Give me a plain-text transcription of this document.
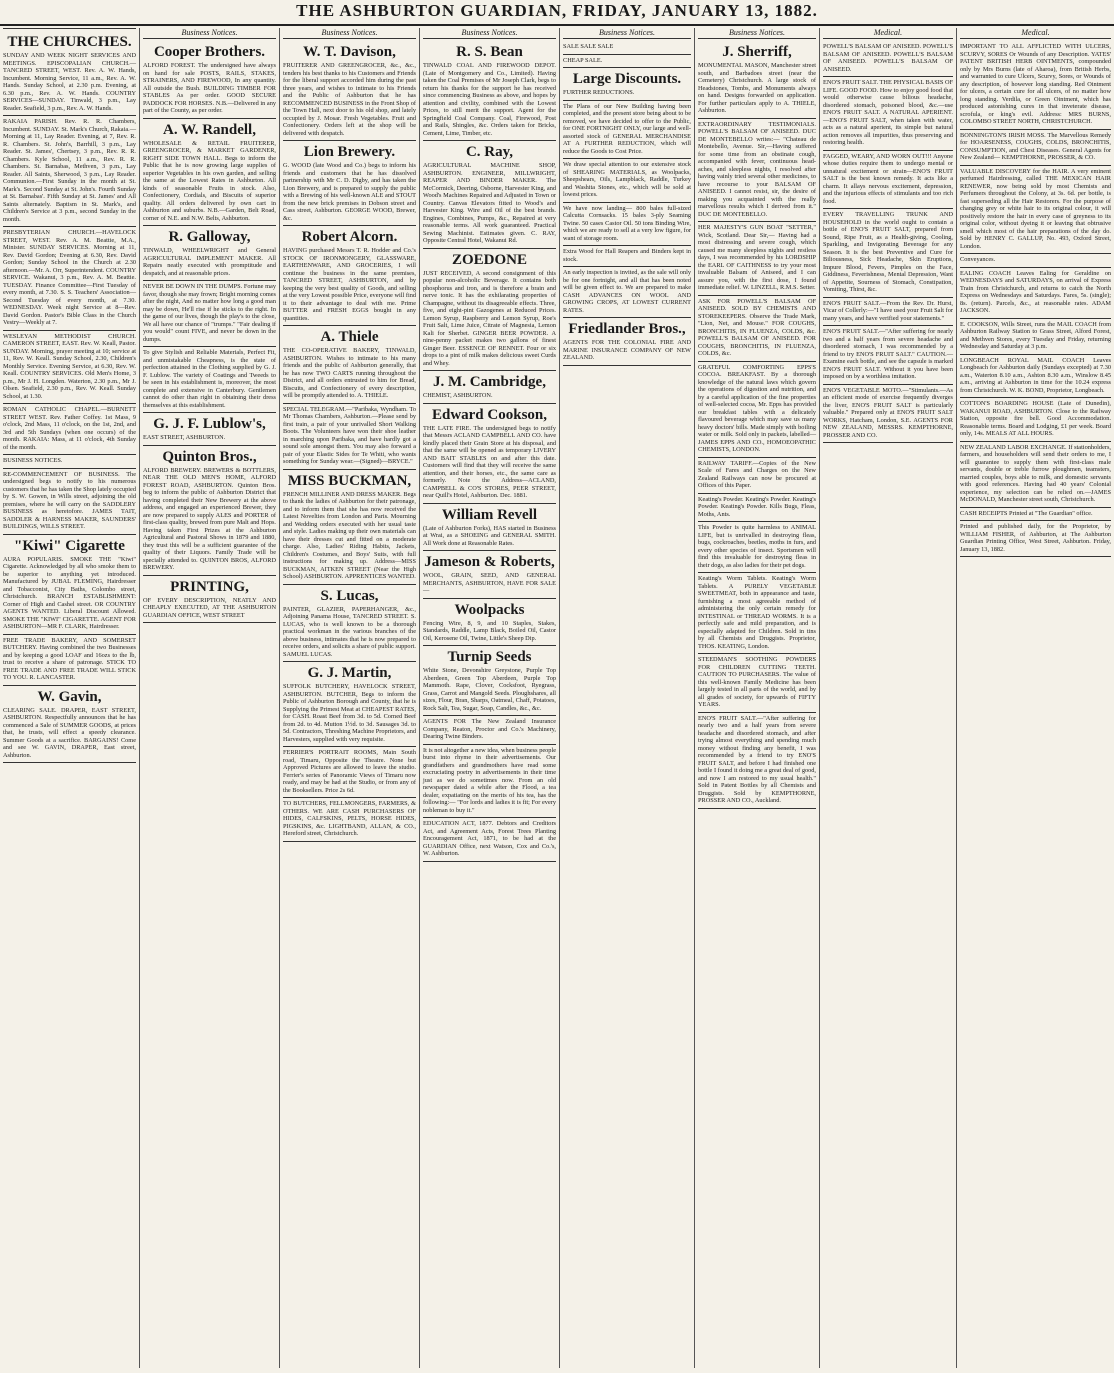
THE ASHBURTON GUARDIAN, FRIDAY, JANUARY 13, 1882.
THE CHURCHES.

SUNDAY AND WEEK NIGHT SERVICES AND MEETINGS. EPISCOPALIAN CHURCH.—TANCRED STREET, WEST. Rev. A. W. Hands, Incumbent. Morning Service, 11 a.m., Rev. A. W. Hands. Sunday School, at 2.30 p.m. Evening, at 6.30 p.m., Rev. A. W. Hands. COUNTRY SERVICES—SUNDAY. Tinwald, 3 p.m., Lay Reader. Seafield, 3 p.m., Rev. A. W. Hands.

RAKAIA PARISH. Rev. R. R. Chambers, Incumbent. SUNDAY. St. Mark's Church, Rakaia.—Morning at 11, Lay Reader. Evening, at 7, Rev. R. R. Chambers. St. John's, Barrhill, 3 p.m., Lay Reader. St. James', Chertsey, 3 p.m., Rev. R. R. Chambers. Kyle School, 11 a.m., Rev. R. R. Chambers. St. Barnabas, Methven, 3 p.m., Lay Reader. All Saints, Sherwood, 3 p.m., Lay Reader. Communion.—First Sunday in the month at St. Mark's. Second Sunday at St. John's. Fourth Sunday at St. Barnabas'. Fifth Sunday at St. James' and All Saints alternately. Baptism in St. Mark's, and Children's Service at 3 p.m., second Sunday in the month.

PRESBYTERIAN CHURCH.—HAVELOCK STREET, WEST. Rev. A. M. Beattie, M.A., Minister. SUNDAY SERVICES. Morning at 11, Rev. David Gordon; Evening at 6.30, Rev. David Gordon; Sunday School in the Church at 2.30 afternoon.—Mr. A. Orr, Superintendent. COUNTRY SERVICE. Wakanui, 3 p.m., Rev. A. M. Beattie. TUESDAY. Finance Committee—First Tuesday of every month, at 7.30. S. S. Teachers' Association—Second Tuesday of every month, at 7.30. WEDNESDAY. Week night Service at 8—Rev. David Gordon. Pastor's Bible Class in the Church Vestry—Weekly at 7.

WESLEYAN METHODIST CHURCH. CAMERON STREET, EAST. Rev. W. Keall, Pastor. SUNDAY. Morning, prayer meeting at 10; service at 11, Rev. W. Keall. Sunday School, 2.30, Children's Monthly Service. Evening Service, at 6.30, Rev. W. Keall. COUNTRY SERVICES. Old Men's Home, 3 p.m., Mr J. H. Longden. Waterton, 2.30 p.m., Mr J. Olsen. Seafield, 2.30 p.m., Rev. W. Keall. Sunday School, at 1.30.

ROMAN CATHOLIC CHAPEL.—BURNETT STREET WEST. Rev. Father Coffey. 1st Mass, 9 o'clock, 2nd Mass, 11 o'clock, on the 1st, 2nd, and 3rd and 5th Sundays (when one occurs) of the month. RAKAIA: Mass, at 11 o'clock, 4th Sunday of the month.

BUSINESS NOTICES.

RE-COMMENCEMENT OF BUSINESS. The undersigned begs to notify to his numerous customers that he has taken the Shop lately occupied by S. W. Gowen, in Wills street, adjoining the old premises, where he will carry on the SADDLERY BUSINESS as heretofore. JAMES TAIT, SADDLER & HARNESS MAKER, SAUNDERS' BUILDINGS, WILLS STREET.

"Kiwi" Cigarette

AURA POPULARIS. SMOKE THE "Kiwi" Cigarette. Acknowledged by all who smoke them to be superior to anything yet introduced. Manufactured by JUBAL FLEMING, Hairdresser and Tobacconist, City Baths, Colombo street, Christchurch. BRANCH ESTABLISHMENT: Corner of High and Cashel street. OR COUNTRY AGENTS WANTED. Liberal Discount Allowed. SMOKE THE "KIWI" CIGARETTE. AGENT FOR ASHBURTON—MR F. CLARK, Hairdresser.

FREE TRADE BAKERY, AND SOMERSET BUTCHERY. Having combined the two Businesses and by keeping a good LOAF and 16ozs to the lb, trust to receive a share of patronage. STICK TO FREE TRADE AND FREE TRADE WILL STICK TO YOU. R. LANCASTER.

W. Gavin,

CLEARING SALE. DRAPER, EAST STREET, ASHBURTON. Respectfully announces that he has commenced a Sale of SUMMER GOODS, at prices that, he trusts, will effect a speedy clearance. Summer Goods at a sacrifice. BARGAINS! Come and see W. GAVIN, DRAPER, East street, Ashburton.

Business Notices.
Cooper Brothers.

ALFORD FOREST. The undersigned have always on hand for sale POSTS, RAILS, STAKES, STRAINERS, AND FIREWOOD, In any quantity. All outside the Bush. BUILDING TIMBER FOR STABLES As per order. GOOD SECURE PADDOCK FOR HORSES. N.B.—Delivered in any part of the County, as per order.

A. W. Randell,

WHOLESALE & RETAIL FRUITERER, GREENGROCER, & MARKET GARDENER, RIGHT SIDE TOWN HALL. Begs to inform the Public that he is now growing large supplies of superior Vegetables in his own garden, and selling the same at the Lowest Rates in Ashburton. All kinds of seasonable Fruits in stock. Also, Confectionery, Cordials, and Biscuits of superior quality. All orders delivered by own cart in Ashburton and suburbs. N.B.—Garden, Belt Road, corner of N.E. and N.W. Belts, Ashburton.

R. Galloway,

TINWALD, WHEELWRIGHT and General AGRICULTURAL IMPLEMENT MAKER. All Repairs neatly executed with promptitude and despatch, and at reasonable prices.

NEVER BE DOWN IN THE DUMPS. Fortune may favor, though she may frown; Bright morning comes after the night, And no matter how long a good man may be down, He'll rise if he sticks to the right. In the game of our lives, though the play's to the close, We all have our chance of "trumps." "Fair dealing if you would" count FIVE, and never be down in the dumps.

To give Stylish and Reliable Materials, Perfect Fit, and unmistakable Cheapness, is the state of perfection attained in the Clothing supplied by G. J. F. Lublow. The variety of Coatings and Tweeds to be seen in his establishment is, moreover, the most complete and extensive in Canterbury. Gentlemen cannot do other than right in obtaining their dress themselves at this establishment.

G. J. F. Lublow's,

EAST STREET, ASHBURTON.

Quinton Bros.,

ALFORD BREWERY. BREWERS & BOTTLERS, NEAR THE OLD MEN'S HOME, ALFORD FOREST ROAD, ASHBURTON. Quinton Bros. beg to inform the public of Ashburton District that having completed their New Brewery at the above address, and engaged an experienced Brewer, they are now prepared to supply ALES and PORTER of first-class quality, brewed from pure Malt and Hops. Having taken First Prizes at the Ashburton Agricultural and Pastoral Shows in 1879 and 1880, they trust this will be a sufficient guarantee of the quality of their Liquors. Family Trade will be specially attended to. QUINTON BROS, ALFORD BREWERY.

PRINTING,

OF EVERY DESCRIPTION, NEATLY AND CHEAPLY EXECUTED, AT THE ASHBURTON GUARDIAN OFFICE, WEST STREET

Business Notices.
W. T. Davison,

FRUITERER AND GREENGROCER, &c., &c., tenders his best thanks to his Customers and Friends for the liberal support accorded him during the past three years, and wishes to intimate to his Friends and the Public of Ashburton that he has RECOMMENCED BUSINESS in the Front Shop of the Town Hall, next door to his old shop, and lately occupied by J. Mosar. Fresh Vegetables. Fruit and Confectionery. Orders left at the shop will be delivered with despatch.

Lion Brewery.

G. WOOD (late Wood and Co.) begs to inform his friends and customers that he has dissolved partnership with Mr C. D. Digby, and has taken the Lion Brewery, and is prepared to supply the public with a Brewing of his well-known ALE and STOUT from the new brick premises in Dobson street and Cass street, Ashburton. GEORGE WOOD, Brewer, &c.

Robert Alcorn.

HAVING purchased Messrs T. R. Hodder and Co.'s STOCK OF IRONMONGERY, GLASSWARE, EARTHENWARE, AND GROCERIES, I will continue the business in the same premises, TANCRED STREET, ASHBURTON, and by keeping the very best quality of Goods, and selling at the very Lowest possible Price, everyone will find it to their advantage to deal with me. Prime BUTTER and FRESH EGGS bought in any quantities.

A. Thiele

THE CO-OPERATIVE BAKERY, TINWALD, ASHBURTON. Wishes to intimate to his many friends and the public of Ashburton generally, that he has now TWO CARTS running throughout the District, and all orders entrusted to him for Bread, Biscuits, and Confectionery of every description, will be promptly attended to. A. THIELE.

SPECIAL TELEGRAM.—"Paribaka, Wyndham. To Mr Thomas Chambers, Ashburton.—Please send by first train, a pair of your unrivalled Short Walking Boots. The Volunteers have won their shoe leather in marching upon Paribaka, and have hardly got a sound sole amongst them. You may also forward a pair of your Elastic Sides for Te Whiti, who wants something for Sunday wear.—(Signed)—BRYCE."

MISS BUCKMAN,

FRENCH MILLINER AND DRESS MAKER. Begs to thank the ladies of Ashburton for their patronage, and to inform them that she has now received the Latest Novelties from London and Paris. Mourning and Wedding orders executed with her usual taste and style. Ladies making up their own materials can have their dresses cut and fitted on a moderate charge. Also, Ladies' Riding Habits, Jackets, Children's Costumes, and Boys' Suits, with full instructions for making up. Address—MISS BUCKMAN, AITKEN STREET (Near the High School) ASHBURTON. APPRENTICES WANTED.

S. Lucas,

PAINTER, GLAZIER, PAPERHANGER, &c., Adjoining Panama House, TANCRED STREET. S. LUCAS, who is well known to be a thorough practical workman in the various branches of the above business, intimates that he is now prepared to receive orders, and solicits a share of public support. SAMUEL LUCAS.

G. J. Martin,

SUFFOLK BUTCHERY, HAVELOCK STREET, ASHBURTON. BUTCHER, Begs to inform the Public of Ashburton Borough and County, that he is Supplying the Primest Meat at CHEAPEST RATES, for CASH. Roast Beef from 3d. to 5d. Corned Beef from 2d. to 4d. Mutton 1½d. to 3d. Sausages 3d. to 5d. Contractors, Threshing Machine Proprietors, and Harvesters, supplied with very requisite.

FERRIER'S PORTRAIT ROOMS, Main South road, Timaru, Opposite the Theatre. None but Approved Pictures are allowed to leave the studio. Ferrier's series of Panoramic Views of Timaru now ready, and may be had at the Studio, or from any of the Booksellers. Price 2s 6d.

TO BUTCHERS, FELLMONGERS, FARMERS, & OTHERS. WE ARE CASH PURCHASERS OF HIDES, CALFSKINS, PELTS, HORSE HIDES, PIGSKINS, &c. LIGHTBAND, ALLAN, & CO., Hereford street, Christchurch.

Business Notices.
R. S. Bean

TINWALD COAL AND FIREWOOD DEPOT. (Late of Montgomery and Co., Limited). Having taken the Coal Premises of Mr Joseph Clark, begs to return his thanks for the support he has received since commencing Business as above, and hopes by attention and civility, combined with the Lowest Prices, to still merit the support. Agent for the Springfield Coal Company. Coal, Firewood, Post and Rails, Shingles, &c. Orders taken for Bricks, Cement, Lime, Timber, etc.

C. Ray,

AGRICULTURAL MACHINE SHOP, ASHBURTON. ENGINEER, MILLWRIGHT, REAPER AND BINDER MAKER. The McCormick, Deering, Osborne, Harvester King, and Wood's Machines Repaired and Adjusted in Town or Country. Canvas Elevators fitted to Wood's and Harvester King. Wire and Oil of the best brands. Engines, Combines, Pumps, &c., Repaired at very reasonable terms. All work guaranteed. Practical Sewing Machinist. Estimates given. C. RAY, Opposite Central Hotel, Wakanui Rd.

ZOEDONE

JUST RECEIVED, A second consignment of this popular non-alcoholic Beverage. It contains both phosphorus and iron, and is therefore a brain and nerve tonic. It has the exhilarating properties of Champagne, without its disagreeable effects. Three, five, and eight-pint Gazogenes at Reduced Prices. Lemon Syrup, Raspberry and Lemon Syrup, Roe's Fruit Salt, Lime Juice, Citrate of Magnesia, Lemon Kali for Sherbet. GINGER BEER POWDER. A nine-penny packet makes two gallons of finest Ginger Beer. ESSENCE OF RENNET. Four or six drops to a pint of milk makes delicious sweet Curds and Whey.

J. M. Cambridge,

CHEMIST, ASHBURTON.

Edward Cookson,

THE LATE FIRE. The undersigned begs to notify that Messrs ACLAND CAMPBELL AND CO. have kindly placed their Grain Store at his disposal, and that the same will be opened as temporary LIVERY AND BAIT STABLES on and after this date. Customers will find that they will receive the same attention, and their horses, etc., the same care as formerly. Note the Address—ACLAND, CAMPBELL & CO'S STORES, PEER STREET, near Quill's Hotel, Ashburton. Dec. 1881.

William Revell

(Late of Ashburton Forks), HAS started in Business at Wrai, as a SHOEING and GENERAL SMITH. All Work done at Reasonable Rates.

Jameson & Roberts,

WOOL, GRAIN, SEED, AND GENERAL MERCHANTS, ASHBURTON, HAVE FOR SALE—

Woolpacks

Fencing Wire, 8, 9, and 10 Staples, Stakes, Standards, Raddle, Lamp Black, Boiled Oil, Castor Oil, Kerosene Oil, Twine, Little's Sheep Dip.

Turnip Seeds

White Stone, Devonshire Greystone, Purple Top Aberdeen, Green Top Aberdeen, Purple Top Mammoth. Rape, Clover, Cocksfoot, Ryegrass, Grass, Carrot and Mangold Seeds. Ploughshares, all sizes, Flour, Bran, Sharps, Oatmeal, Chaff, Potatoes, Rock Salt, Tea, Sugar, Soap, Candles, &c., &c.

AGENTS FOR The New Zealand Insurance Company, Reaton, Proctor and Co.'s Machinery, Dearing Twine Binders.

It is not altogether a new idea, when business people burst into rhyme in their advertisements. Our grandfathers and grandmothers have read some excruciating poetry in advertisements in their time just as we do sometimes now. From an old newspaper dated a while after the Flood, a tea dealer, expatiating on the merits of his tea, has the following:— "For lords and ladies it is fit; For every nobleman to buy it."

EDUCATION ACT, 1877. Debtors and Creditors Act, and Agreement Acts, Forest Trees Planting Encouragement Act, 1871, to be had at the GUARDIAN Office, next Watson, Cox and Co.'s, W. Ashburton.

Business Notices.

SALE SALE SALE

CHEAP SALE.

Large Discounts.

FURTHER REDUCTIONS.

The Plans of our New Building having been completed, and the present store being about to be removed, we have decided to offer to the Public, for ONE FORTNIGHT ONLY, our large and well-assorted stock of GENERAL MERCHANDISE AT A FURTHER REDUCTION, which will reduce the Goods to Cost Price.

We draw special attention to our extensive stock of SHEARING MATERIALS, as Woolpacks, Sheepshears, Oils, Lampblack, Raddle, Turkey and Washita Stones, etc., which will be sold at lowest prices.

We have now landing— 800 bales full-sized Calcutta Cornsacks. 15 bales 3-ply Seaming Twine. 50 cases Castor Oil. 50 tons Binding Wire, which we are ready to sell at a very low figure, for want of storage room.

Extra Wood for Hall Reapers and Binders kept in stock.

An early inspection is invited, as the sale will only be for one fortnight, and all that has been noted will be given effect to. We are prepared to make CASH ADVANCES ON WOOL AND GROWING CROPS, AT LOWEST CURRENT RATES.

Friedlander Bros.,

AGENTS FOR THE COLONIAL FIRE AND MARINE INSURANCE COMPANY OF NEW ZEALAND.

Business Notices.
J. Sherriff,

MONUMENTAL MASON, Manchester street south, and Barbadoes street (near the Cemetery) Christchurch. A large stock of Headstones, Tombs, and Monuments always on hand. Designs forwarded on application. For further particulars apply to A. THIELE, Ashburton.

EXTRAORDINARY TESTIMONIALS. POWELL'S BALSAM OF ANISEED. DUC DE MONTEBELLO writes:— "Chateau de Montebello, Avenue. Sir,—Having suffered for some time from an obstinate cough, accompanied with fever, continuous head-aches, and sleepless nights, I resolved after having vainly tried several other medicines, to have recourse to your BALSAM OF ANISEED. I cannot resist, sir, the desire of making you acquainted with the really marvellous results which I derived from it." DUC DE MONTEBELLO.

HER MAJESTY'S GUN BOAT "SETTER," Wick, Scotland. Dear Sir,— Having had a most distressing and severe cough, which caused me many sleepless nights and restless days, I was recommended by his LORDSHIP the EARL OF CAITHNESS to try your most invaluable Balsam of Aniseed, and I can assure you, with the first dose, I found immediate relief. W. LINZELL, R.M.S. Setter.

ASK FOR POWELL'S BALSAM OF ANISEED. SOLD BY CHEMISTS AND STOREKEEPERS. Observe the Trade Mark, "Lion, Net, and Mouse." FOR COUGHS, BRONCHITIS, IN FLUENZA, COLDS, &c. POWELL'S BALSAM OF ANISEED. FOR COUGHS, BRONCHITIS, IN FLUENZA, COLDS, &c.

GRATEFUL COMFORTING EPPS'S COCOA. BREAKFAST. By a thorough knowledge of the natural laws which govern the operations of digestion and nutrition, and by a careful application of the fine properties of well-selected cocoa, Mr. Epps has provided our breakfast tables with a delicately flavoured beverage which may save us many heavy doctors' bills. Made simply with boiling water or milk. Sold only in packets, labelled— JAMES EPPS AND CO., HOMOEOPATHIC CHEMISTS, LONDON.

RAILWAY TARIFF.—Copies of the New Scale of Fares and Charges on the New Zealand Railways can now be procured at Offices of this Paper.

Keating's Powder. Keating's Powder. Keating's Powder. Keating's Powder. Kills Bugs, Fleas, Moths, Ants.

This Powder is quite harmless to ANIMAL LIFE, but is unrivalled in destroying fleas, bugs, cockroaches, beetles, moths in furs, and every other species of insect. Sportsmen will find this invaluable for destroying fleas in their dogs, as also ladies for their pet dogs.

Keating's Worm Tablets. Keating's Worm Tablets. A PURELY VEGETABLE SWEETMEAT, both in appearance and taste, furnishing a most agreeable method of administering the only certain remedy for INTESTINAL or THREAD WORMS. It is a perfectly safe and mild preparation, and is especially adapted for Children. Sold in tins by all Chemists and Druggists. Proprietor, THOS. KEATING, London.

STEEDMAN'S SOOTHING POWDERS FOR CHILDREN CUTTING TEETH. CAUTION TO PURCHASERS. The value of this well-known Family Medicine has been largely tested in all parts of the world, and by all grades of society, for upwards of FIFTY YEARS.

ENO'S FRUIT SALT.—"After suffering for nearly two and a half years from severe headache and disordered stomach, and after trying almost everything and spending much money without finding any benefit, I was recommended by a friend to try ENO'S FRUIT SALT, and before I had finished one bottle I found it doing me a great deal of good, and now I am restored to my usual health." Sold in Patent Bottles by all Chemists and Druggists. Sold by KEMPTHORNE, PROSSER AND CO., Auckland.

Medical.

POWELL'S BALSAM OF ANISEED. POWELL'S BALSAM OF ANISEED. POWELL'S BALSAM OF ANISEED. POWELL'S BALSAM OF ANISEED.

ENO'S FRUIT SALT. THE PHYSICAL BASIS OF LIFE. GOOD FOOD. How to enjoy good food that would otherwise cause bilious headache, disordered stomach, poisoned blood, &c.—use ENO'S FRUIT SALT. A NATURAL APERIENT.—ENO'S FRUIT SALT, when taken with water, acts as a natural aperient, its simple but natural action removes all impurities, thus preserving and restoring health.

FAGGED, WEARY, AND WORN OUT!!! Anyone whose duties require them to undergo mental or unnatural excitement or strain—ENO'S FRUIT SALT is the best known remedy. It acts like a charm. It allays nervous excitement, depression, and the injurious effects of stimulants and too rich food.

EVERY TRAVELLING TRUNK AND HOUSEHOLD in the world ought to contain a bottle of ENO'S FRUIT SALT, prepared from Sound, Ripe Fruit, as a Health-giving, Cooling, Sparkling, and Invigorating Beverage for any Season. It is the best Preventive and Cure for Biliousness, Sick Headache, Skin Eruptions, Impure Blood, Fevers, Pimples on the Face, Giddiness, Feverishness, Mental Depression, Want of Appetite, Sourness of Stomach, Constipation, Vomiting, Thirst, &c.

ENO'S FRUIT SALT.—From the Rev. Dr. Hurst, Vicar of Collerly:—"I have used your Fruit Salt for many years, and have verified your statements."

ENO'S FRUIT SALT.—"After suffering for nearly two and a half years from severe headache and disordered stomach, I was recommended by a friend to try ENO'S FRUIT SALT." CAUTION.—Examine each bottle, and see the capsule is marked ENO'S FRUIT SALT. Without it you have been imposed on by a worthless imitation.

ENO'S VEGETABLE MOTO.—"Stimulants.—As an efficient mode of exercise frequently diverges the liver, ENO'S FRUIT SALT is particularly valuable." Prepared only at ENO'S FRUIT SALT WORKS, Hatcham, London, S.E. AGENTS FOR NEW ZEALAND, MESSRS. KEMPTHORNE, PROSSER AND CO.

Medical.

IMPORTANT TO ALL AFFLICTED WITH ULCERS, SCURVY, SORES Or Wounds of any Description. YATES' PATENT BRITISH HERB OINTMENTS, compounded only by Mrs Burns (late of Aharoa), from British Herbs, and warranted to cure Ulcers, Scurvy, Sores, or Wounds of any description, of however long standing. Red Ointment for ulcers, a certain cure for all ulcers, of no matter how long standing. Verdila, or Green Ointment, which has produced astonishing cures in that inveterate disease, scrofula, or king's evil. Address: MRS BURNS, COLOMBO STREET NORTH, CHRISTCHURCH.

BONNINGTON'S IRISH MOSS. The Marvellous Remedy for HOARSENESS, COUGHS, COLDS, BRONCHITIS, CONSUMPTION, and Chest Diseases. General Agents for New Zealand— KEMPTHORNE, PROSSER, & CO.

VALUABLE DISCOVERY for the HAIR. A very eminent perfumed Hairdressing, called THE MEXICAN HAIR RENEWER, now being sold by most Chemists and Perfumers throughout the Colony, at 3s. 6d. per bottle, is fast superseding all the Hair Restorers. For the purpose of changing grey or white hair to its original colour, it will positively restore the hair in every case of greyness to its original color, without dyeing it or leaving that obtrusive smell which most of the hair preparations of the day do. Sold by HENRY C. GALLUP, No. 493, Oxford Street, London.

Conveyances.

EALING COACH Leaves Ealing for Geraldine on WEDNESDAYS and SATURDAYS, on arrival of Express Train from Christchurch, and returns to catch the North Express on Wednesdays and Saturdays. Fares, 5s. (single); 8s. (return). Parcels, &c., at reasonable rates. ADAM JACKSON.

E. COOKSON, Wills Street, runs the MAIL COACH from Ashburton Railway Station to Grass Street, Alford Forest, and Methven Stores, every Tuesday and Friday, returning Wednesday and Saturday at 3 p.m.

LONGBEACH ROYAL MAIL COACH Leaves Longbeach for Ashburton daily (Sundays excepted) at 7.30 a.m., Waterton 8.10 a.m., Ashton 8.30 a.m., Winslow 8.45 a.m., arriving at Ashburton in time for the 10.24 express from Christchurch. W. K. BOND, Proprietor, Longbeach.

COTTON'S BOARDING HOUSE (Late of Dunedin), WAKANUI ROAD, ASHBURTON. Close to the Railway Station, opposite fire bell. Good Accommodation. Reasonable terms. Board and Lodging, £1 per week. Board only, 14s. MEALS AT ALL HOURS.

NEW ZEALAND LABOR EXCHANGE. If stationholders, farmers, and householders will send their orders to me, I will guarantee to supply them with first-class male servants, double or treble furrow ploughmen, teamsters, married couples, boys able to milk, and domestic servants with good references. Having had 40 years' Colonial experience, my selection can be relied on.—JAMES McDONALD, Manchester street south, Christchurch.

CASH RECEIPTS Printed at "The Guardian" office.

Printed and published daily, for the Proprietor, by WILLIAM FISHER, of Ashburton, at The Ashburton Guardian Printing Office, West Street, Ashburton. Friday, January 13, 1882.
